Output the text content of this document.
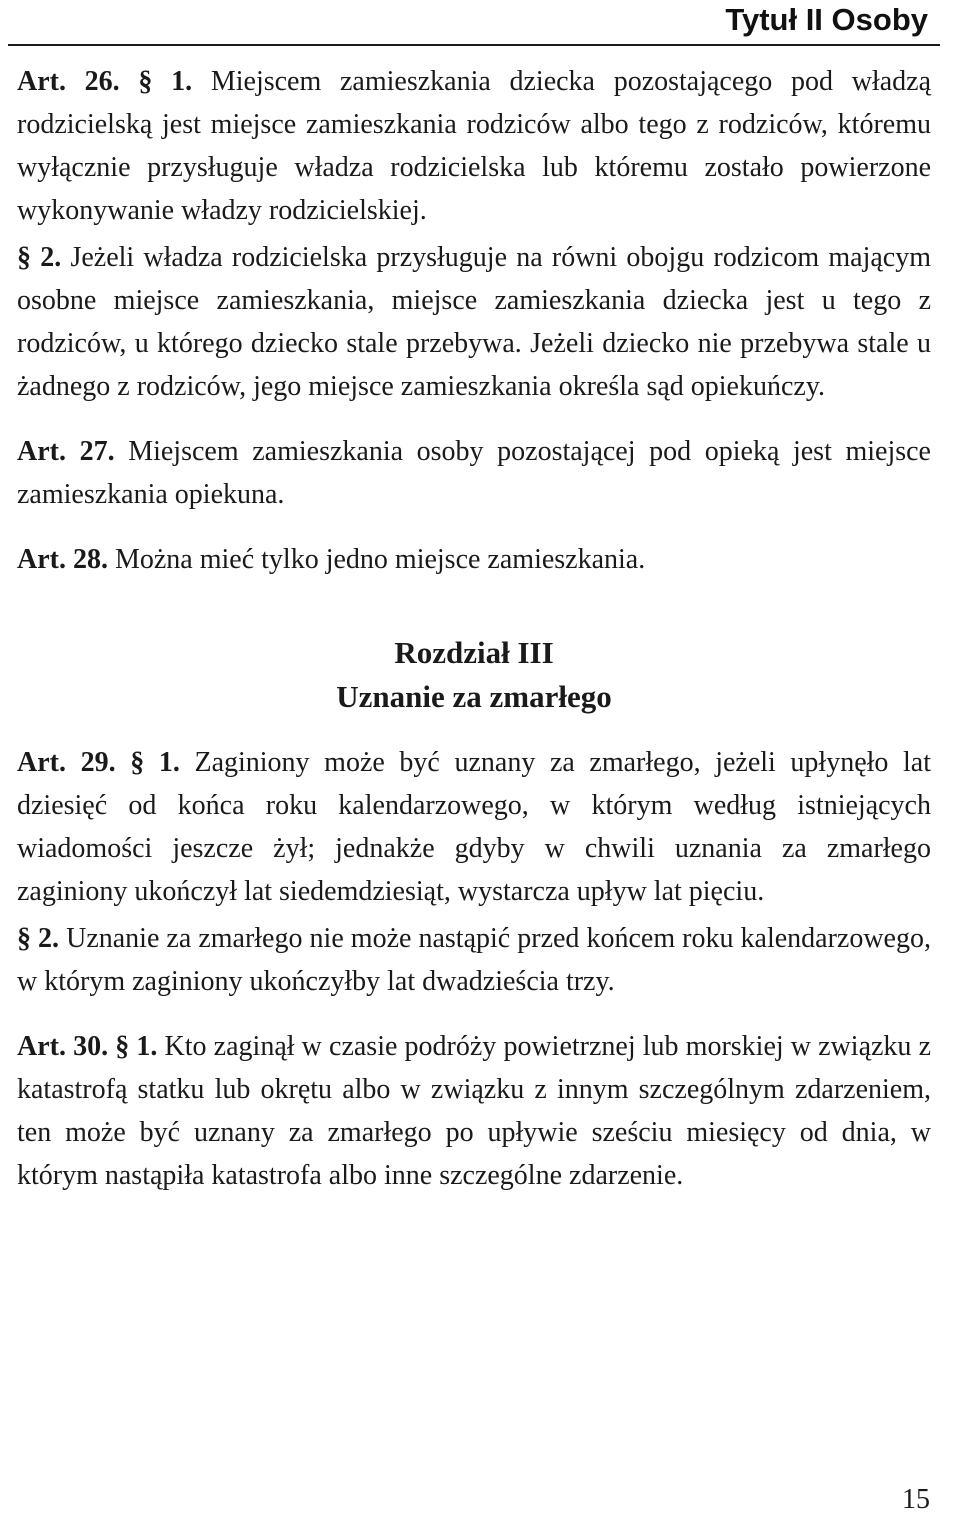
Tytuł II Osoby

Art. 26. § 1. Miejscem zamieszkania dziecka pozostającego pod władzą rodzicielską jest miejsce zamieszkania rodziców albo tego z rodziców, któremu wyłącznie przysługuje władza rodzicielska lub któremu zostało powierzone wykonywanie władzy rodzicielskiej.

§ 2. Jeżeli władza rodzicielska przysługuje na równi obojgu rodzicom mającym osobne miejsce zamieszkania, miejsce zamieszkania dziecka jest u tego z rodziców, u którego dziecko stale przebywa. Jeżeli dziecko nie przebywa stale u żadnego z rodziców, jego miejsce zamieszkania określa sąd opiekuńczy.

Art. 27. Miejscem zamieszkania osoby pozostającej pod opieką jest miejsce zamieszkania opiekuna.

Art. 28. Można mieć tylko jedno miejsce zamieszkania.

Rozdział III

Uznanie za zmarłego

Art. 29. § 1. Zaginiony może być uznany za zmarłego, jeżeli upłynęło lat dziesięć od końca roku kalendarzowego, w którym według istniejących wiadomości jeszcze żył; jednakże gdyby w chwili uznania za zmarłego zaginiony ukończył lat siedemdziesiąt, wystarcza upływ lat pięciu.

§ 2. Uznanie za zmarłego nie może nastąpić przed końcem roku kalendarzowego, w którym zaginiony ukończyłby lat dwadzieścia trzy.

Art. 30. § 1. Kto zaginął w czasie podróży powietrznej lub morskiej w związku z katastrofą statku lub okrętu albo w związku z innym szczególnym zdarzeniem, ten może być uznany za zmarłego po upływie sześciu miesięcy od dnia, w którym nastąpiła katastrofa albo inne szczególne zdarzenie.

15
